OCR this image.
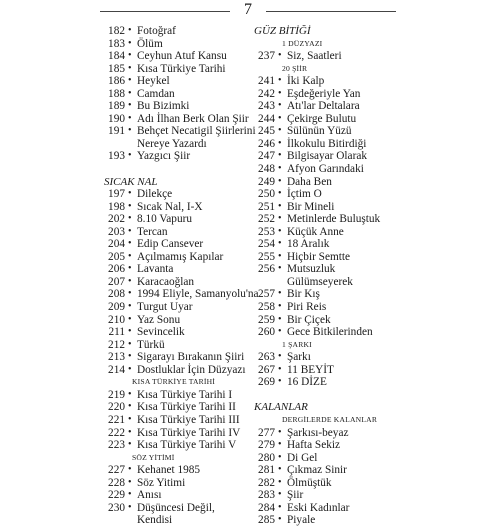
7
182 • Fotoğraf
183 • Ölüm
184 • Ceyhun Atuf Kansu
185 • Kısa Türkiye Tarihi
186 • Heykel
188 • Camdan
189 • Bu Bizimki
190 • Adı İlhan Berk Olan Şiir
191 • Behçet Necatigil Şiirlerini
Nereye Yazardı
193 • Yazgıcı Şiir
SICAK NAL
197 • Dilekçe
198 • Sıcak Nal, I-X
202 • 8.10 Vapuru
203 • Tercan
204 • Edip Cansever
205 • Açılmamış Kapılar
206 • Lavanta
207 • Karacaoğlan
208 • 1994 Eliyle, Samanyolu'na
209 • Turgut Uyar
210 • Yaz Sonu
211 • Sevincelik
212 • Türkü
213 • Sigarayı Bırakanın Şiiri
214 • Dostluklar İçin Düzyazı
KISA TÜRKİYE TARİHİ
219 • Kısa Türkiye Tarihi I
220 • Kısa Türkiye Tarihi II
221 • Kısa Türkiye Tarihi III
222 • Kısa Türkiye Tarihi IV
223 • Kısa Türkiye Tarihi V
SÖZ YİTİMİ
227 • Kehanet 1985
228 • Söz Yitimi
229 • Anısı
230 • Düşüncesi Değil,
Kendisi
GÜZ BİTİĞİ
1 DÜZYAZI
237 • Siz, Saatleri
20 ŞİİR
241 • İki Kalp
242 • Eşdeğeriyle Yan
243 • Atı'lar Deltalara
244 • Çekirge Bulutu
245 • Sülünün Yüzü
246 • İlkokulu Bitirdiği
247 • Bilgisayar Olarak
248 • Afyon Garındaki
249 • Daha Ben
250 • İçtim O
251 • Bir Mineli
252 • Metinlerde Buluştuk
253 • Küçük Anne
254 • 18 Aralık
255 • Hiçbir Semtte
256 • Mutsuzluk
Gülümseyerek
257 • Bir Kış
258 • Piri Reis
259 • Bir Çiçek
260 • Gece Bitkilerinden
1 ŞARKI
263 • Şarkı
267 • 11 BEYİT
269 • 16 DİZE
KALANLAR
DERGİLERDE KALANLAR
277 • Şarkısı-beyaz
279 • Hafta Sekiz
280 • Di Gel
281 • Çıkmaz Sinir
282 • Ölmüştük
283 • Şiir
284 • Eski Kadınlar
285 • Piyale
